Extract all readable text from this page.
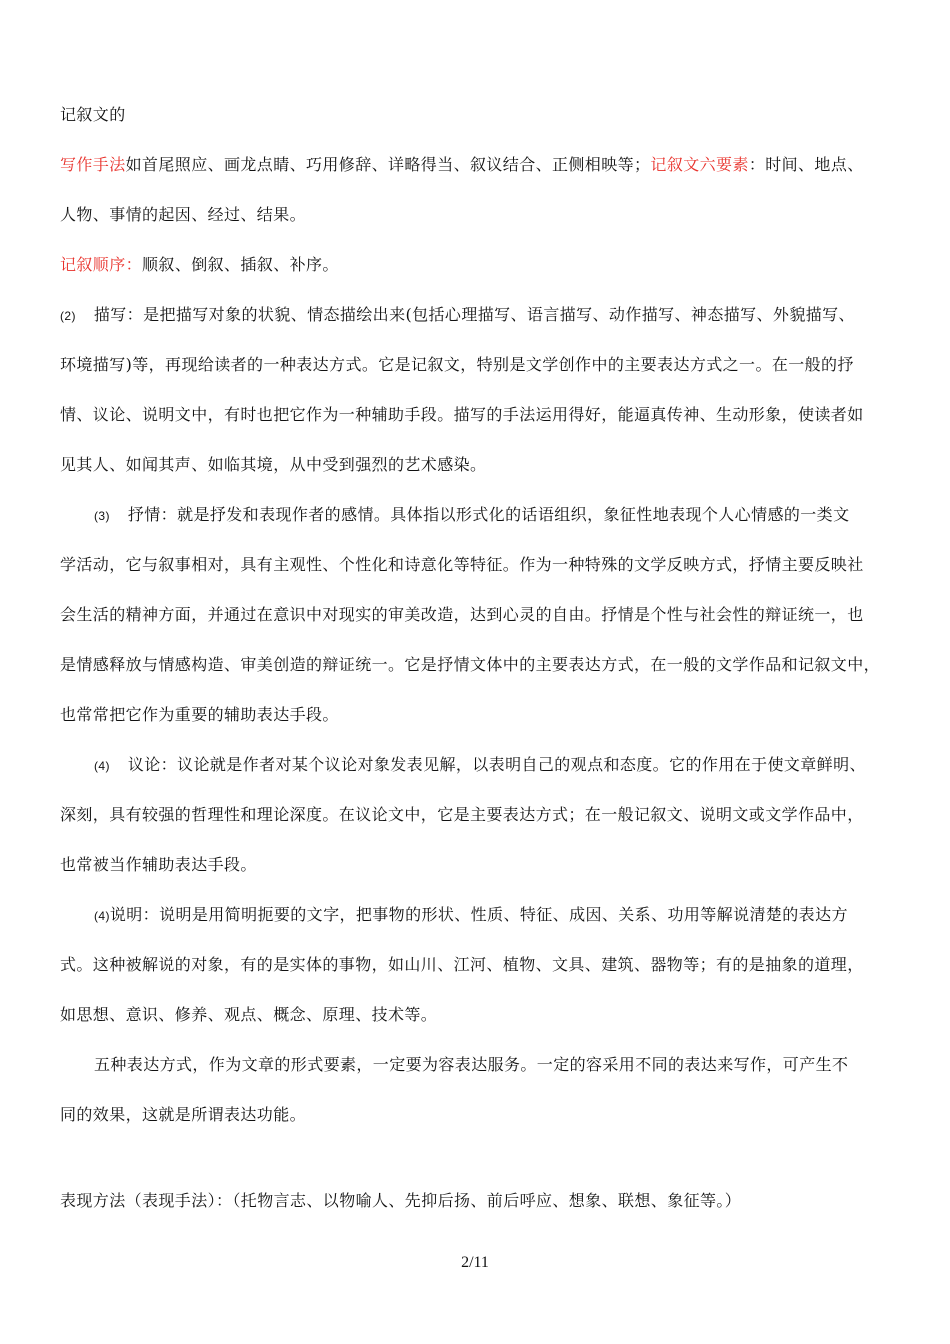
记叙文的
写作手法如首尾照应、画龙点睛、巧用修辞、详略得当、叙议结合、正侧相映等；记叙文六要素：时间、地点、
人物、事情的起因、经过、结果。
记叙顺序：顺叙、倒叙、插叙、补序。
(2) 描写：是把描写对象的状貌、情态描绘出来(包括心理描写、语言描写、动作描写、神态描写、外貌描写、
环境描写)等，再现给读者的一种表达方式。它是记叙文，特别是文学创作中的主要表达方式之一。在一般的抒
情、议论、说明文中，有时也把它作为一种辅助手段。描写的手法运用得好，能逼真传神、生动形象，使读者如
见其人、如闻其声、如临其境，从中受到强烈的艺术感染。
(3) 抒情：就是抒发和表现作者的感情。具体指以形式化的话语组织，象征性地表现个人心情感的一类文
学活动，它与叙事相对，具有主观性、个性化和诗意化等特征。作为一种特殊的文学反映方式，抒情主要反映社
会生活的精神方面，并通过在意识中对现实的审美改造，达到心灵的自由。抒情是个性与社会性的辩证统一，也
是情感释放与情感构造、审美创造的辩证统一。它是抒情文体中的主要表达方式，在一般的文学作品和记叙文中，
也常常把它作为重要的辅助表达手段。
(4) 议论：议论就是作者对某个议论对象发表见解，以表明自己的观点和态度。它的作用在于使文章鲜明、
深刻，具有较强的哲理性和理论深度。在议论文中，它是主要表达方式；在一般记叙文、说明文或文学作品中，
也常被当作辅助表达手段。
(4)说明：说明是用简明扼要的文字，把事物的形状、性质、特征、成因、关系、功用等解说清楚的表达方
式。这种被解说的对象，有的是实体的事物，如山川、江河、植物、文具、建筑、器物等；有的是抽象的道理，
如思想、意识、修养、观点、概念、原理、技术等。
五种表达方式，作为文章的形式要素，一定要为容表达服务。一定的容采用不同的表达来写作，可产生不
同的效果，这就是所谓表达功能。
表现方法（表现手法）：（托物言志、以物喻人、先抑后扬、前后呼应、想象、联想、象征等。）
2/11
